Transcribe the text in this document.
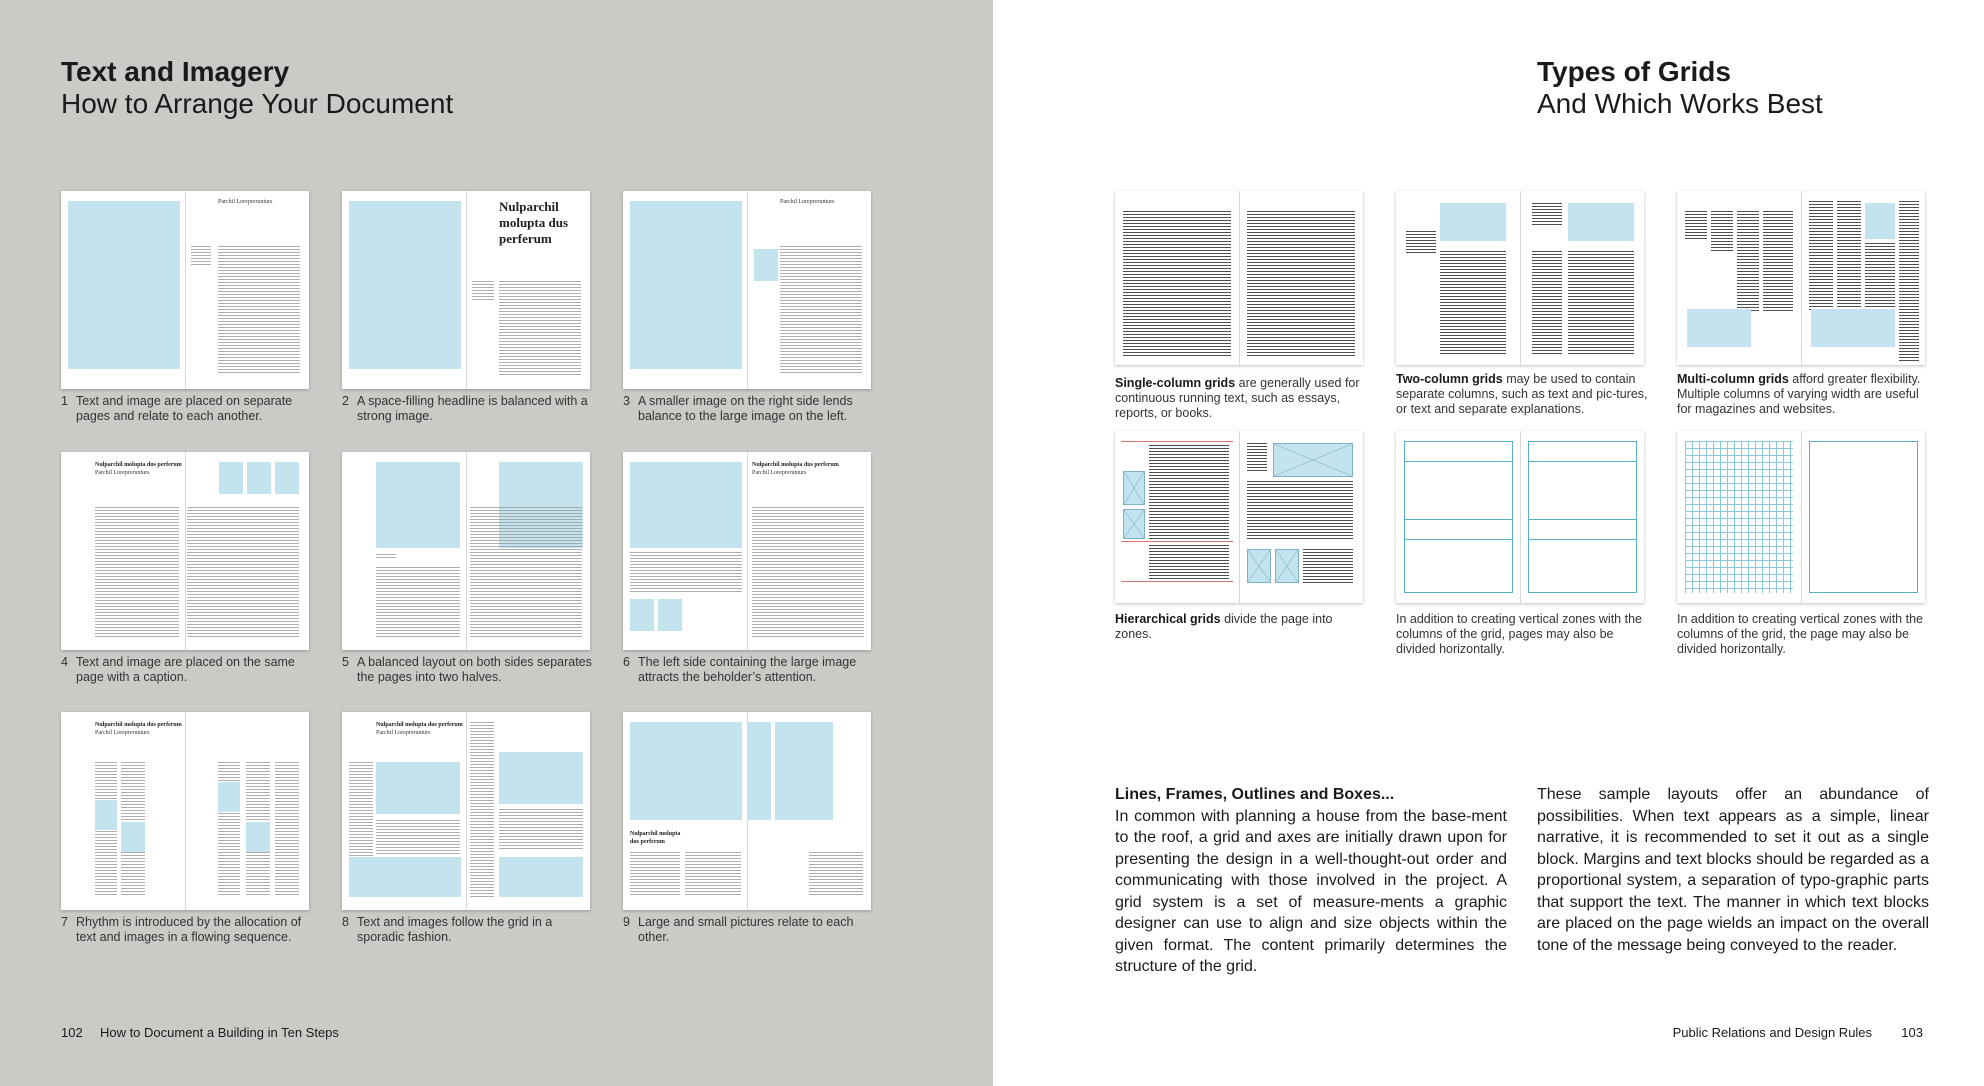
Text and Imagery
How to Arrange Your Document
Parchil Loreprerunturs	Nulparchil molupta dus perferum
Parchil Loreprerunturs
1 Text and image are placed on separate pages and relate to each another.
2 A space-filling headline is balanced with a strong image.
3 A smaller image on the right side lends balance to the large image on the left.
Nulparchil molupta dus perferum
Parchil Loreprerunturs
Nulparchil molupta dus perferum
Parchil Loreprerunturs
4 Text and image are placed on the same page with a caption.
5 A balanced layout on both sides separates the pages into two halves.
6 The left side containing the large image attracts the beholder’s attention.
Nulparchil molupta dus perferum
Parchil Loreprerunturs
Nulparchil molupta dus perferum
Parchil Loreprerunturs
Nulparchil molupta dus perferum
7 Rhythm is introduced by the allocation of text and images in a flowing sequence.
8 Text and images follow the grid in a sporadic fashion.
9 Large and small pictures relate to each other.
102 How to Document a Building in Ten Steps
Types of Grids
And Which Works Best
Single-column grids are generally used for continuous running text, such as essays, reports, or books.
Two-column grids may be used to contain separate columns, such as text and pic-tures, or text and separate explanations.
Multi-column grids afford greater flexibility. Multiple columns of varying width are useful for magazines and websites.
Hierarchical grids divide the page into zones.
In addition to creating vertical zones with the columns of the grid, pages may also be divided horizontally.
In addition to creating vertical zones with the columns of the grid, the page may also be divided horizontally.
Lines, Frames, Outlines and Boxes...
In common with planning a house from the base-ment to the roof, a grid and axes are initially drawn upon for presenting the design in a well-thought-out order and communicating with those involved in the project. A grid system is a set of measure-ments a graphic designer can use to align and size objects within the given format. The content primarily determines the structure of the grid.
These sample layouts offer an abundance of possibilities. When text appears as a simple, linear narrative, it is recommended to set it out as a single block. Margins and text blocks should be regarded as a proportional system, a separation of typo-graphic parts that support the text. The manner in which text blocks are placed on the page wields an impact on the overall tone of the message being conveyed to the reader.
Public Relations and Design Rules 103
